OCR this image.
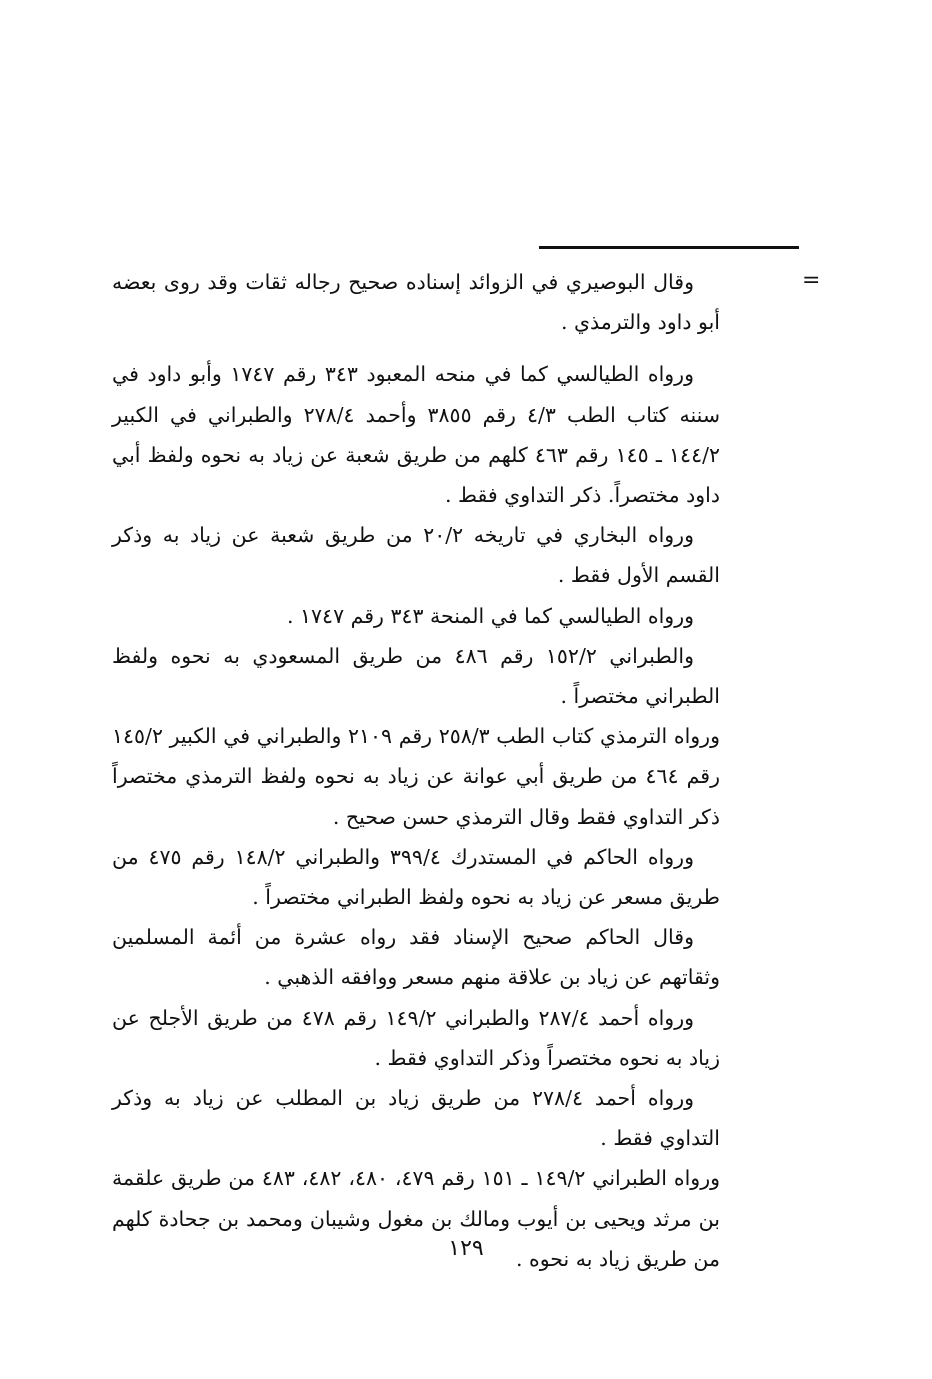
=

وقال البوصيري في الزوائد إسناده صحيح رجاله ثقات وقد روى بعضه أبو داود والترمذي .

ورواه الطيالسي كما في منحه المعبود ٣٤٣ رقم ١٧٤٧ وأبو داود في سننه كتاب الطب ٤/٣ رقم ٣٨٥٥ وأحمد ٢٧٨/٤ والطبراني في الكبير ١٤٤/٢ ـ ١٤٥ رقم ٤٦٣ كلهم من طريق شعبة عن زياد به نحوه ولفظ أبي داود مختصراً. ذكر التداوي فقط .

ورواه البخاري في تاريخه ٢٠/٢ من طريق شعبة عن زياد به وذكر القسم الأول فقط .

ورواه الطيالسي كما في المنحة ٣٤٣ رقم ١٧٤٧ .

والطبراني ١٥٢/٢ رقم ٤٨٦ من طريق المسعودي به نحوه ولفظ الطبراني مختصراً .

ورواه الترمذي كتاب الطب ٢٥٨/٣ رقم ٢١٠٩ والطبراني في الكبير ١٤٥/٢ رقم ٤٦٤ من طريق أبي عوانة عن زياد به نحوه ولفظ الترمذي مختصراً ذكر التداوي فقط وقال الترمذي حسن صحيح .

ورواه الحاكم في المستدرك ٣٩٩/٤ والطبراني ١٤٨/٢ رقم ٤٧٥ من طريق مسعر عن زياد به نحوه ولفظ الطبراني مختصراً .

وقال الحاكم صحيح الإسناد فقد رواه عشرة من أئمة المسلمين وثقاتهم عن زياد بن علاقة منهم مسعر ووافقه الذهبي .

ورواه أحمد ٢٨٧/٤ والطبراني ١٤٩/٢ رقم ٤٧٨ من طريق الأجلح عن زياد به نحوه مختصراً وذكر التداوي فقط .

ورواه أحمد ٢٧٨/٤ من طريق زياد بن المطلب عن زياد به وذكر التداوي فقط .

ورواه الطبراني ١٤٩/٢ ـ ١٥١ رقم ٤٧٩، ٤٨٠، ٤٨٢، ٤٨٣ من طريق علقمة بن مرثد ويحيى بن أيوب ومالك بن مغول وشيبان ومحمد بن جحادة كلهم من طريق زياد به نحوه .

١٢٩
